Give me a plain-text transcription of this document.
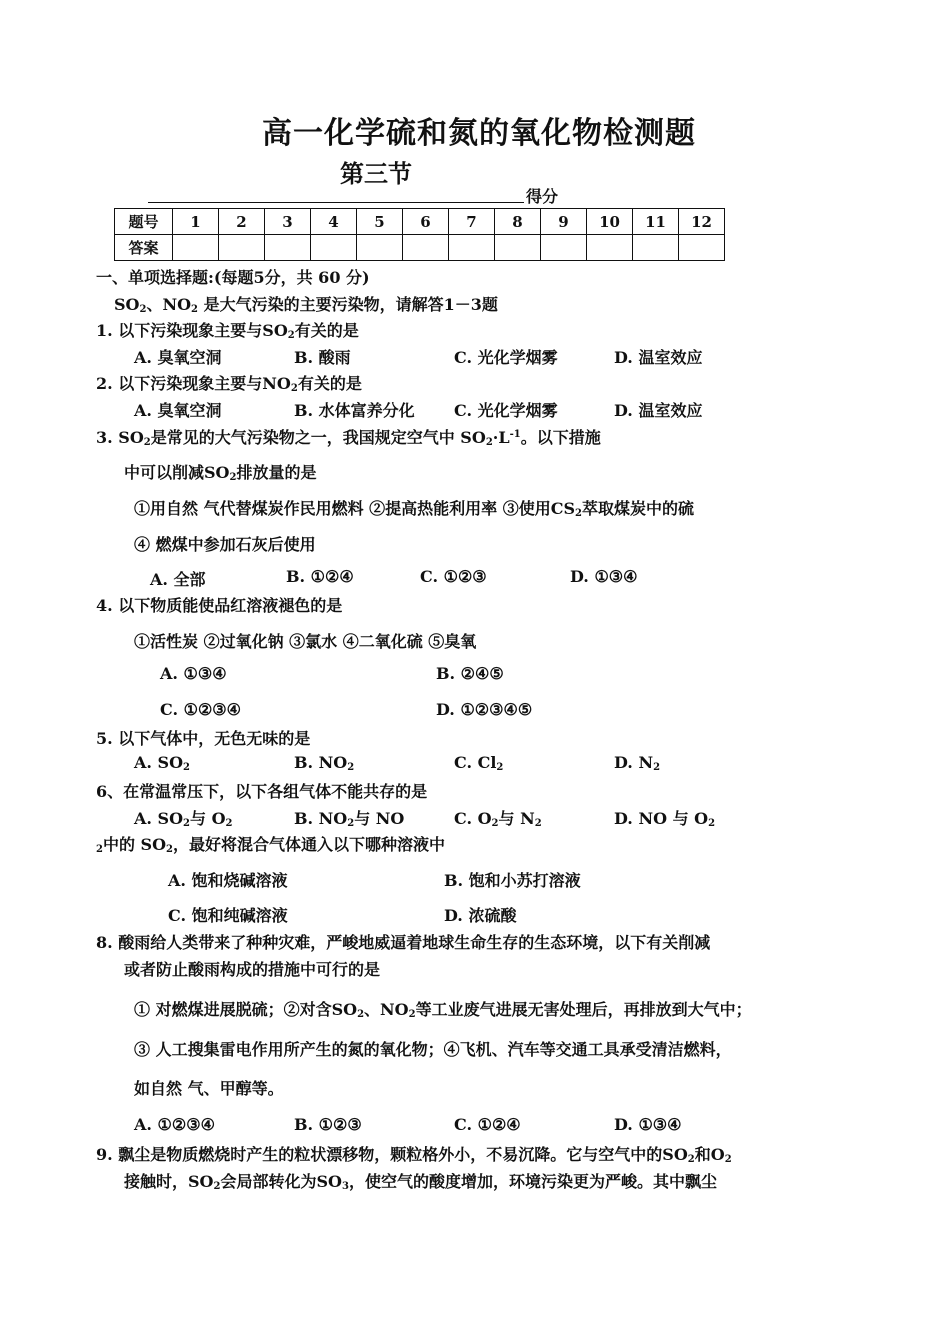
高一化学硫和氮的氧化物检测题
第三节
得分
题号	1	2	3	4	5	6	7	8	9	10	11	12
答案												
一、单项选择题:(每题5分，共 60 分)
$SO_2$、$NO_2$ 是大气污染的主要污染物，请解答1－3题
1. 以下污染现象主要与$SO_2$有关的是
A. 臭氧空洞	B. 酸雨	C. 光化学烟雾	D. 温室效应
2. 以下污染现象主要与$NO_2$有关的是
A. 臭氧空洞	B. 水体富养分化 C. 光化学烟雾	D. 温室效应
3. $SO_2$是常见的大气污染物之一，我国规定空气中 $SO_2\cdot L^{-1}$。以下措施
中可以削减$SO_2$排放量的是
①用自然 气代替煤炭作民用燃料 ②提高热能利用率 ③使用$CS_2$萃取煤炭中的硫
④ 燃煤中参加石灰后使用
A. 全部	B. ①②④	C. ①②③	D. ①③④
4. 以下物质能使品红溶液褪色的是
①活性炭 ②过氧化钠 ③氯水 ④二氧化硫 ⑤臭氧
A. ①③④	B. ②④⑤
C. ①②③④	D. ①②③④⑤
5. 以下气体中，无色无味的是
A. $SO_2$	B. $NO_2$	C. $Cl_2$	D. $N_2$
6、在常温常压下，以下各组气体不能共存的是
A. $SO_2$与 $O_2$	B. $NO_2$与 NO	C. $O_2$与 $N_2$	D. NO 与 $O_2$
$_2$中的 $SO_2$，最好将混合气体通入以下哪种溶液中
A. 饱和烧碱溶液	B. 饱和小苏打溶液
C. 饱和纯碱溶液	D. 浓硫酸
8. 酸雨给人类带来了种种灾难，严峻地威逼着地球生命生存的生态环境，以下有关削减
或者防止酸雨构成的措施中可行的是
① 对燃煤进展脱硫；②对含$SO_2$、$NO_2$等工业废气进展无害处理后，再排放到大气中；
③ 人工搜集雷电作用所产生的氮的氧化物；④飞机、汽车等交通工具承受清洁燃料，
如自然 气、甲醇等。
A. ①②③④	B. ①②③	C. ①②④	D. ①③④
9. 飘尘是物质燃烧时产生的粒状漂移物，颗粒格外小，不易沉降。它与空气中的$SO_2$和$O_2$
接触时，$SO_2$会局部转化为$SO_3$，使空气的酸度增加，环境污染更为严峻。其中飘尘
